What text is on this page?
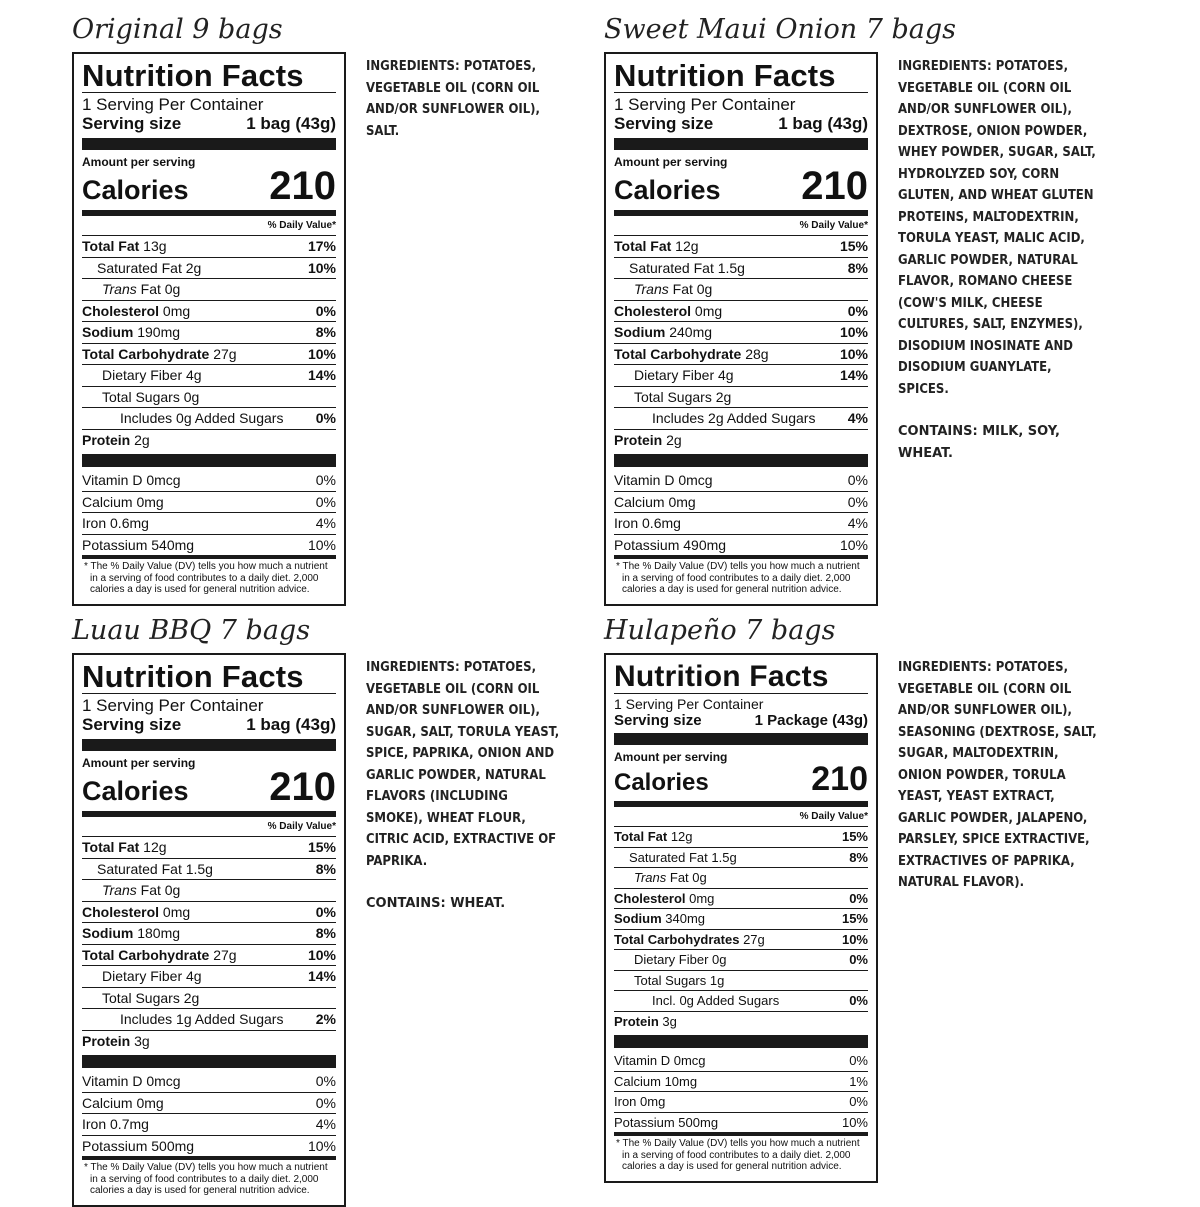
Original 9 bags
Nutrition Facts
1 Serving Per Container
Serving size	1 bag (43g)
Amount per serving
Calories 210
% Daily Value*
Total Fat 13g	17%
Saturated Fat 2g	10%
Trans Fat 0g
Cholesterol 0mg	0%
Sodium 190mg	8%
Total Carbohydrate 27g	10%
Dietary Fiber 4g	14%
Total Sugars 0g
Includes 0g Added Sugars 0%
Protein 2g
Vitamin D 0mcg	0%
Calcium 0mg	0%
Iron 0.6mg	4%
Potassium 540mg	10%
* The % Daily Value (DV) tells you how much a nutrient in a serving of food contributes to a daily diet. 2,000 calories a day is used for general nutrition advice.
INGREDIENTS: POTATOES, VEGETABLE OIL (CORN OIL AND/OR SUNFLOWER OIL), SALT.
Sweet Maui Onion 7 bags
Nutrition Facts
1 Serving Per Container
Serving size	1 bag (43g)
Amount per serving
Calories 210
% Daily Value*
Total Fat 12g	15%
Saturated Fat 1.5g	8%
Trans Fat 0g
Cholesterol 0mg	0%
Sodium 240mg	10%
Total Carbohydrate 28g	10%
Dietary Fiber 4g	14%
Total Sugars 2g
Includes 2g Added Sugars 4%
Protein 2g
Vitamin D 0mcg	0%
Calcium 0mg	0%
Iron 0.6mg	4%
Potassium 490mg	10%
* The % Daily Value (DV) tells you how much a nutrient in a serving of food contributes to a daily diet. 2,000 calories a day is used for general nutrition advice.
INGREDIENTS: POTATOES, VEGETABLE OIL (CORN OIL AND/OR SUNFLOWER OIL), DEXTROSE, ONION POWDER, WHEY POWDER, SUGAR, SALT, HYDROLYZED SOY, CORN GLUTEN, AND WHEAT GLUTEN PROTEINS, MALTODEXTRIN, TORULA YEAST, MALIC ACID, GARLIC POWDER, NATURAL FLAVOR, ROMANO CHEESE (COW'S MILK, CHEESE CULTURES, SALT, ENZYMES), DISODIUM INOSINATE AND DISODIUM GUANYLATE, SPICES.
CONTAINS: MILK, SOY, WHEAT.
Luau BBQ 7 bags
Nutrition Facts
1 Serving Per Container
Serving size	1 bag (43g)
Amount per serving
Calories 210
% Daily Value*
Total Fat 12g	15%
Saturated Fat 1.5g	8%
Trans Fat 0g
Cholesterol 0mg	0%
Sodium 180mg	8%
Total Carbohydrate 27g	10%
Dietary Fiber 4g	14%
Total Sugars 2g
Includes 1g Added Sugars 2%
Protein 3g
Vitamin D 0mcg	0%
Calcium 0mg	0%
Iron 0.7mg	4%
Potassium 500mg	10%
* The % Daily Value (DV) tells you how much a nutrient in a serving of food contributes to a daily diet. 2,000 calories a day is used for general nutrition advice.
INGREDIENTS: POTATOES, VEGETABLE OIL (CORN OIL AND/OR SUNFLOWER OIL), SUGAR, SALT, TORULA YEAST, SPICE, PAPRIKA, ONION AND GARLIC POWDER, NATURAL FLAVORS (INCLUDING SMOKE), WHEAT FLOUR, CITRIC ACID, EXTRACTIVE OF PAPRIKA.
CONTAINS: WHEAT.
Hulapeño 7 bags
Nutrition Facts
1 Serving Per Container
Serving size	1 Package (43g)
Amount per serving
Calories	210
% Daily Value*
Total Fat 12g	15%
Saturated Fat 1.5g	8%
Trans Fat 0g
Cholesterol 0mg	0%
Sodium 340mg	15%
Total Carbohydrates 27g	10%
Dietary Fiber 0g	0%
Total Sugars 1g
Incl. 0g Added Sugars	0%
Protein 3g
Vitamin D 0mcg	0%
Calcium 10mg	1%
Iron 0mg	0%
Potassium 500mg	10%
* The % Daily Value (DV) tells you how much a nutrient in a serving of food contributes to a daily diet. 2,000 calories a day is used for general nutrition advice.
INGREDIENTS: POTATOES, VEGETABLE OIL (CORN OIL AND/OR SUNFLOWER OIL), SEASONING (DEXTROSE, SALT, SUGAR, MALTODEXTRIN, ONION POWDER, TORULA YEAST, YEAST EXTRACT, GARLIC POWDER, JALAPENO, PARSLEY, SPICE EXTRACTIVE, EXTRACTIVES OF PAPRIKA, NATURAL FLAVOR).
